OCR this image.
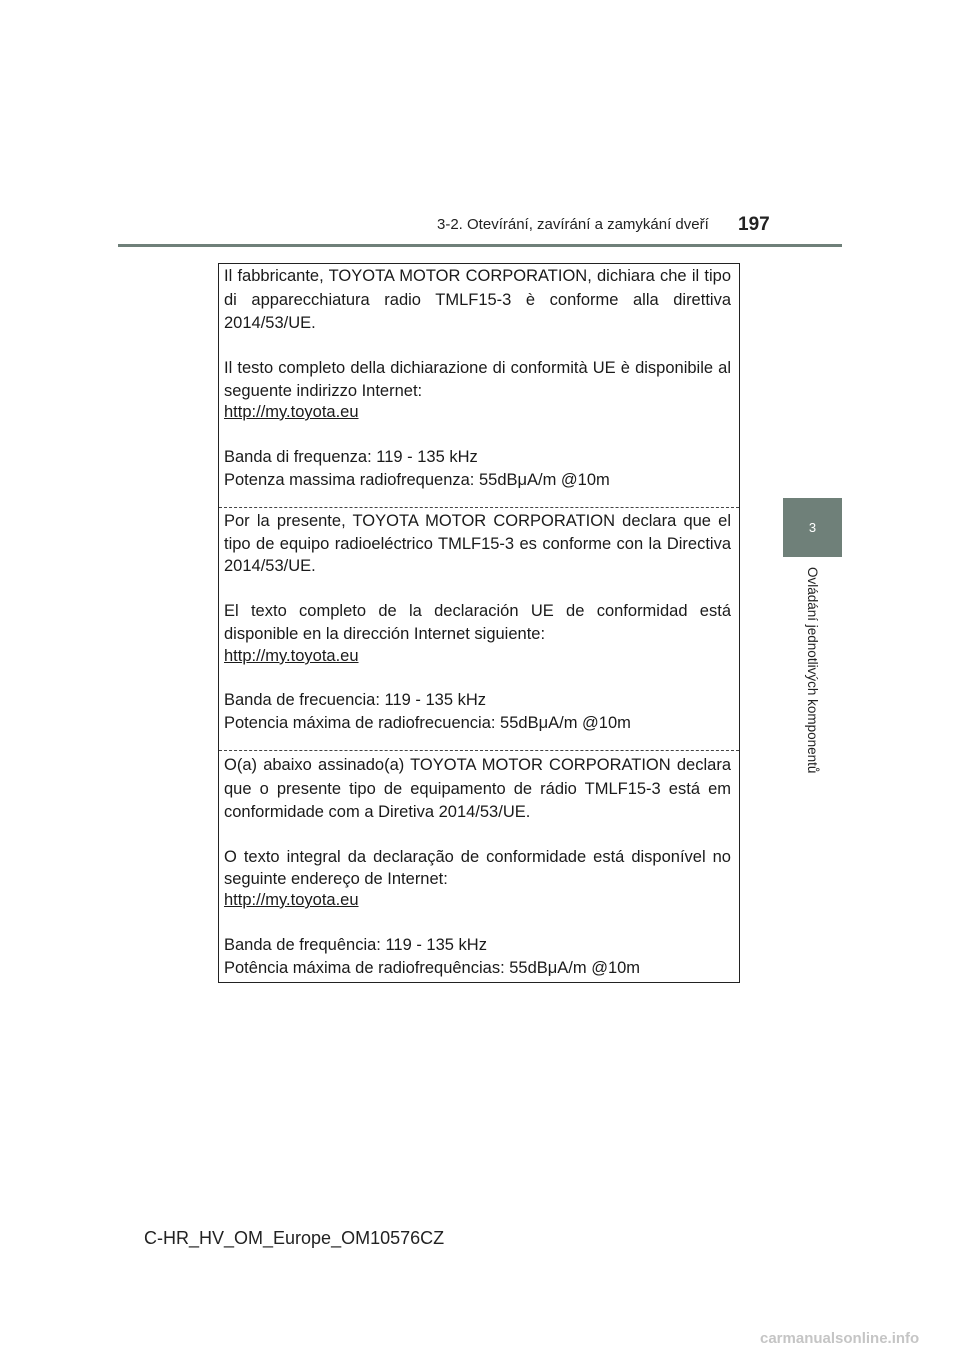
3-2. Otevírání, zavírání a zamykání dveří 197
3
Ovládání jednotlivých komponentů
Il fabbricante, TOYOTA MOTOR CORPORATION, dichiara che il tipo
di apparecchiatura radio TMLF15-3 è conforme alla direttiva
2014/53/UE.
Il testo completo della dichiarazione di conformità UE è disponibile al
seguente indirizzo Internet:
http://my.toyota.eu
Banda di frequenza: 119 - 135 kHz
Potenza massima radiofrequenza: 55dBμA/m @10m
Por la presente, TOYOTA MOTOR CORPORATION declara que el
tipo de equipo radioeléctrico TMLF15-3 es conforme con la Directiva
2014/53/UE.
El texto completo de la declaración UE de conformidad está
disponible en la dirección Internet siguiente:
http://my.toyota.eu
Banda de frecuencia: 119 - 135 kHz
Potencia máxima de radiofrecuencia: 55dBμA/m @10m
O(a) abaixo assinado(a) TOYOTA MOTOR CORPORATION declara
que o presente tipo de equipamento de rádio TMLF15-3 está em
conformidade com a Diretiva 2014/53/UE.
O texto integral da declaração de conformidade está disponível no
seguinte endereço de Internet:
http://my.toyota.eu
Banda de frequência: 119 - 135 kHz
Potência máxima de radiofrequências: 55dBμA/m @10m
C-HR_HV_OM_Europe_OM10576CZ
carmanualsonline.info
